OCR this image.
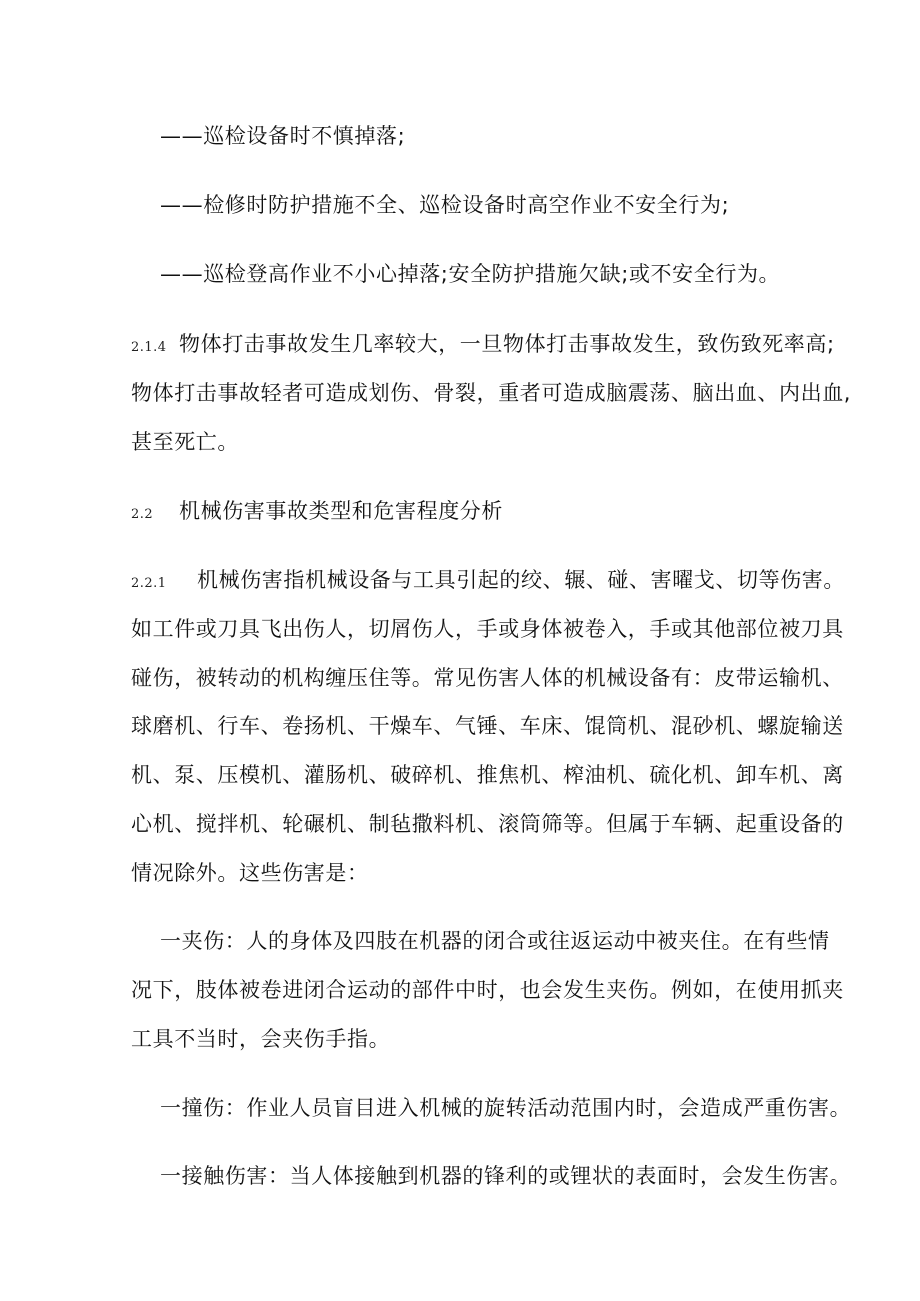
——巡检设备时不慎掉落;
——检修时防护措施不全、巡检设备时高空作业不安全行为;
——巡检登高作业不小心掉落;安全防护措施欠缺;或不安全行为。
2.1.4 物体打击事故发生几率较大，一旦物体打击事故发生，致伤致死率高;
物体打击事故轻者可造成划伤、骨裂，重者可造成脑震荡、脑出血、内出血,
甚至死亡。
2.2 机械伤害事故类型和危害程度分析
2.2.1 机械伤害指机械设备与工具引起的绞、辗、碰、害曜戈、切等伤害。
如工件或刀具飞出伤人，切屑伤人，手或身体被卷入，手或其他部位被刀具
碰伤，被转动的机构缠压住等。常见伤害人体的机械设备有：皮带运输机、
球磨机、行车、卷扬机、干燥车、气锤、车床、馄筒机、混砂机、螺旋输送
机、泵、压模机、灌肠机、破碎机、推焦机、榨油机、硫化机、卸车机、离
心机、搅拌机、轮碾机、制毡撒料机、滚筒筛等。但属于车辆、起重设备的
情况除外。这些伤害是：
一夹伤：人的身体及四肢在机器的闭合或往返运动中被夹住。在有些情
况下，肢体被卷进闭合运动的部件中时，也会发生夹伤。例如，在使用抓夹
工具不当时，会夹伤手指。
一撞伤：作业人员盲目进入机械的旋转活动范围内时，会造成严重伤害。
一接触伤害：当人体接触到机器的锋利的或锂状的表面时，会发生伤害。
